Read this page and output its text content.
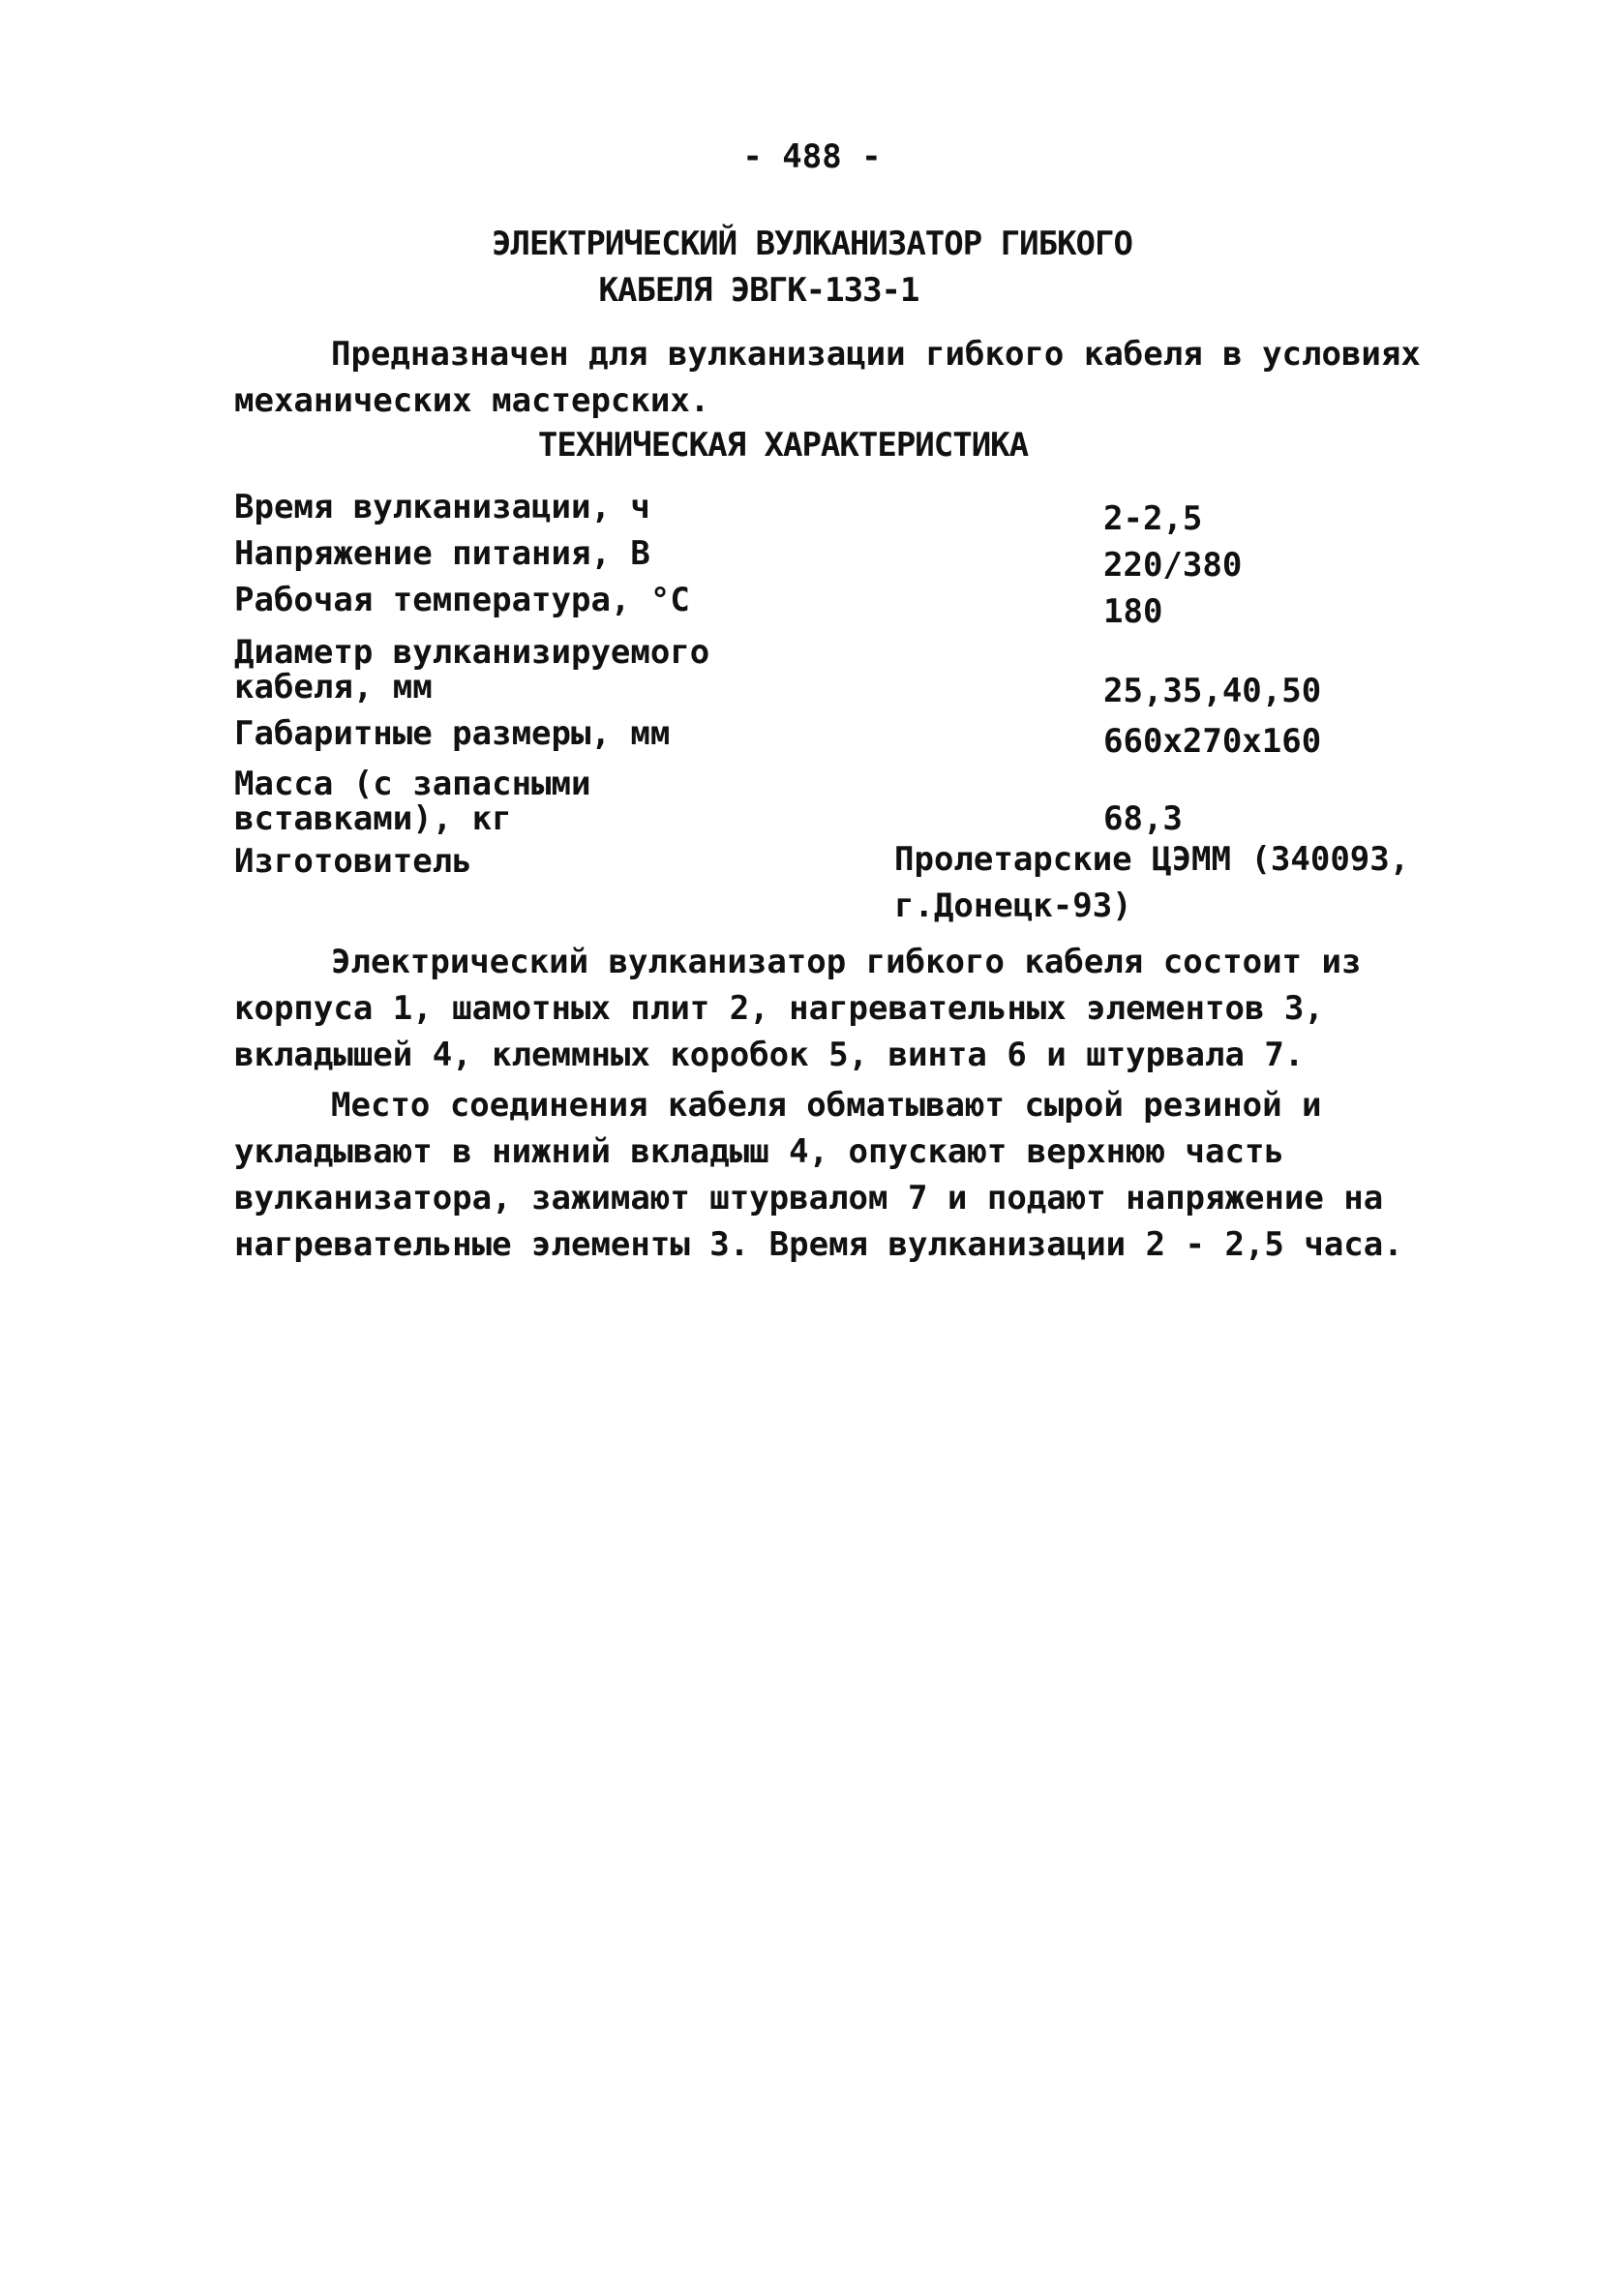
- 488 -
ЭЛЕКТРИЧЕСКИЙ ВУЛКАНИЗАТОР ГИБКОГО
КАБЕЛЯ ЭВГК-133-1
Предназначен для вулканизации гибкого кабеля в условиях
механических мастерских.
ТЕХНИЧЕСКАЯ ХАРАКТЕРИСТИКА
Время вулканизации, ч	2-2,5
Напряжение питания, В	220/380
Рабочая температура, °С	180
Диаметр вулканизируемого кабеля, мм	25,35,40,50
Габаритные размеры, мм	660x270x160
Масса (с запасными вставками), кг	68,3
Изготовитель	Пролетарские ЦЭММ (340093, г.Донецк-93)

Электрический вулканизатор гибкого кабеля состоит из корпуса 1, шамотных плит 2, нагревательных элементов 3, вкладышей 4, клеммных коробок 5, винта 6 и штурвала 7.

Место соединения кабеля обматывают сырой резиной и укладывают в нижний вкладыш 4, опускают верхнюю часть вулканизатора, зажимают штурвалом 7 и подают напряжение на нагревательные элементы 3. Время вулканизации 2 - 2,5 часа.
